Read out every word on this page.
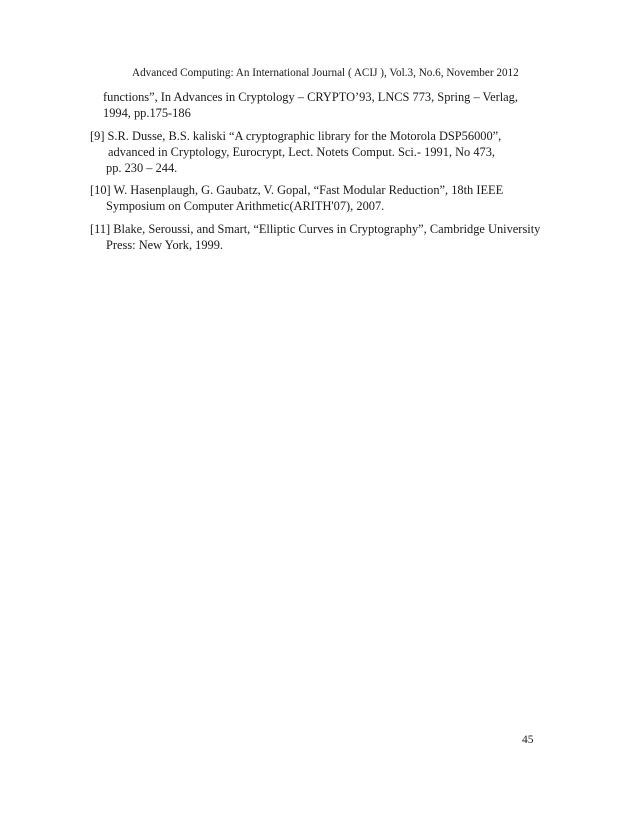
Advanced Computing: An International Journal ( ACIJ ), Vol.3, No.6, November 2012
functions”, In Advances in Cryptology – CRYPTO’93, LNCS 773, Spring – Verlag,
1994, pp.175-186
[9] S.R. Dusse, B.S. kaliski “A cryptographic library for the Motorola DSP56000”,
advanced in Cryptology, Eurocrypt, Lect. Notets Comput. Sci.- 1991, No 473,
pp. 230 – 244.
[10] W. Hasenplaugh, G. Gaubatz, V. Gopal, “Fast Modular Reduction”, 18th IEEE
Symposium on Computer Arithmetic(ARITH'07), 2007.
[11] Blake, Seroussi, and Smart, “Elliptic Curves in Cryptography”, Cambridge University
Press: New York, 1999.
45
